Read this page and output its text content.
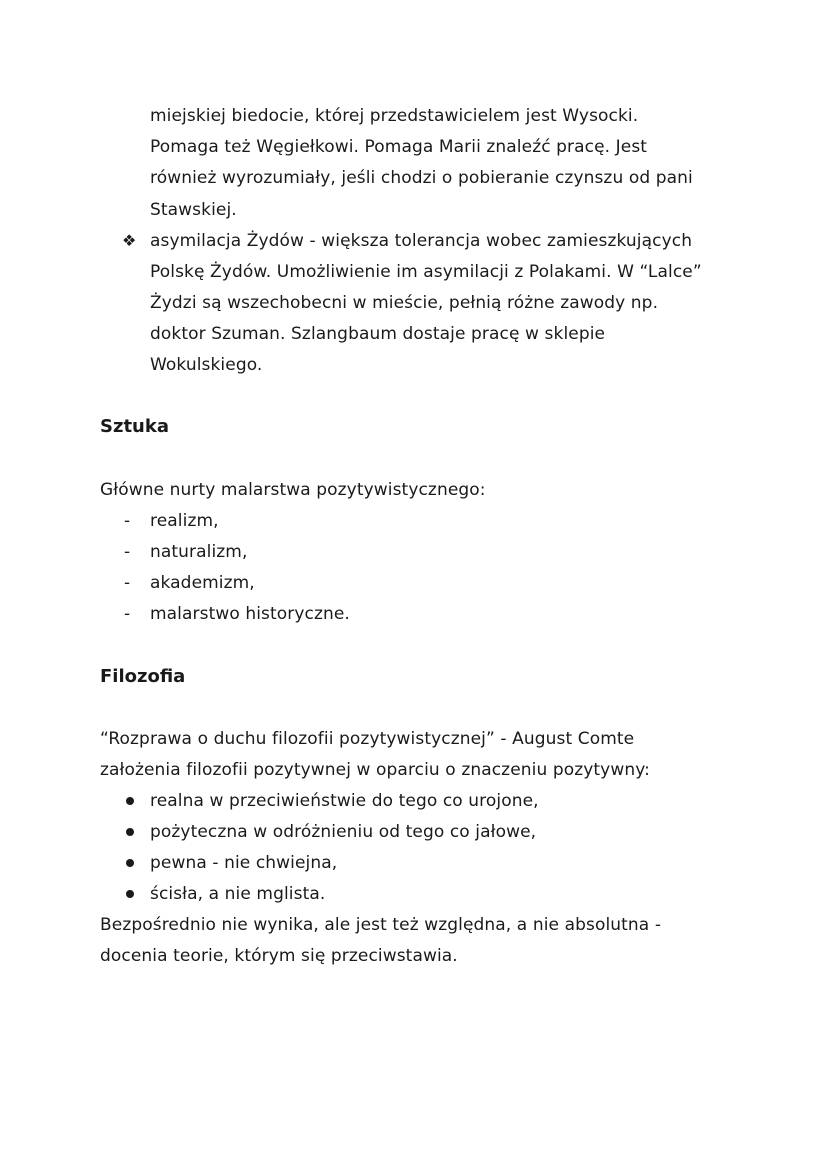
miejskiej biedocie, której przedstawicielem jest Wysocki.
Pomaga też Węgiełkowi. Pomaga Marii znaleźć pracę. Jest
również wyrozumiały, jeśli chodzi o pobieranie czynszu od pani
Stawskiej.
❖ asymilacja Żydów - większa tolerancja wobec zamieszkujących
Polskę Żydów. Umożliwienie im asymilacji z Polakami. W “Lalce”
Żydzi są wszechobecni w mieście, pełnią różne zawody np.
doktor Szuman. Szlangbaum dostaje pracę w sklepie
Wokulskiego.
Sztuka
Główne nurty malarstwa pozytywistycznego:
- realizm,
- naturalizm,
- akademizm,
- malarstwo historyczne.
Filozofia
“Rozprawa o duchu filozofii pozytywistycznej” - August Comte
założenia filozofii pozytywnej w oparciu o znaczeniu pozytywny:
realna w przeciwieństwie do tego co urojone,
pożyteczna w odróżnieniu od tego co jałowe,
pewna - nie chwiejna,
ścisła, a nie mglista.
Bezpośrednio nie wynika, ale jest też względna, a nie absolutna -
docenia teorie, którym się przeciwstawia.
